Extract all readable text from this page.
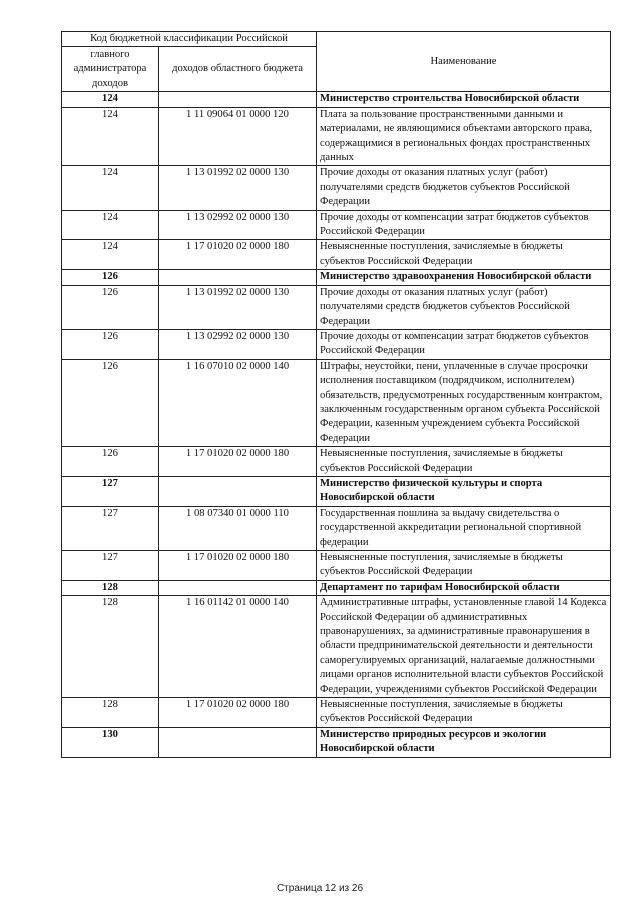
Код бюджетной классификации Российской		Наименование
главного администратора доходов	доходов областного бюджета	
124		Министерство строительства Новосибирской области
124	1 11 09064 01 0000 120	Плата за пользование пространственными данными и материалами, не являющимися объектами авторского права, содержащимися в региональных фондах пространственных данных
124	1 13 01992 02 0000 130	Прочие доходы от оказания платных услуг (работ) получателями средств бюджетов субъектов Российской Федерации
124	1 13 02992 02 0000 130	Прочие доходы от компенсации затрат бюджетов субъектов Российской Федерации
124	1 17 01020 02 0000 180	Невыясненные поступления, зачисляемые в бюджеты субъектов Российской Федерации
126		Министерство здравоохранения Новосибирской области
126	1 13 01992 02 0000 130	Прочие доходы от оказания платных услуг (работ) получателями средств бюджетов субъектов Российской Федерации
126	1 13 02992 02 0000 130	Прочие доходы от компенсации затрат бюджетов субъектов Российской Федерации
126	1 16 07010 02 0000 140	Штрафы, неустойки, пени, уплаченные в случае просрочки исполнения поставщиком (подрядчиком, исполнителем) обязательств, предусмотренных государственным контрактом, заключенным государственным органом субъекта Российской Федерации, казенным учреждением субъекта Российской Федерации
126	1 17 01020 02 0000 180	Невыясненные поступления, зачисляемые в бюджеты субъектов Российской Федерации
127		Министерство физической культуры и спорта Новосибирской области
127	1 08 07340 01 0000 110	Государственная пошлина за выдачу свидетельства о государственной аккредитации региональной спортивной федерации
127	1 17 01020 02 0000 180	Невыясненные поступления, зачисляемые в бюджеты субъектов Российской Федерации
128		Департамент по тарифам Новосибирской области
128	1 16 01142 01 0000 140	Административные штрафы, установленные главой 14 Кодекса Российской Федерации об административных правонарушениях, за административные правонарушения в области предпринимательской деятельности и деятельности саморегулируемых организаций, налагаемые должностными лицами органов исполнительной власти субъектов Российской Федерации, учреждениями субъектов Российской Федерации
128	1 17 01020 02 0000 180	Невыясненные поступления, зачисляемые в бюджеты субъектов Российской Федерации
130		Министерство природных ресурсов и экологии Новосибирской области
Страница 12 из 26
